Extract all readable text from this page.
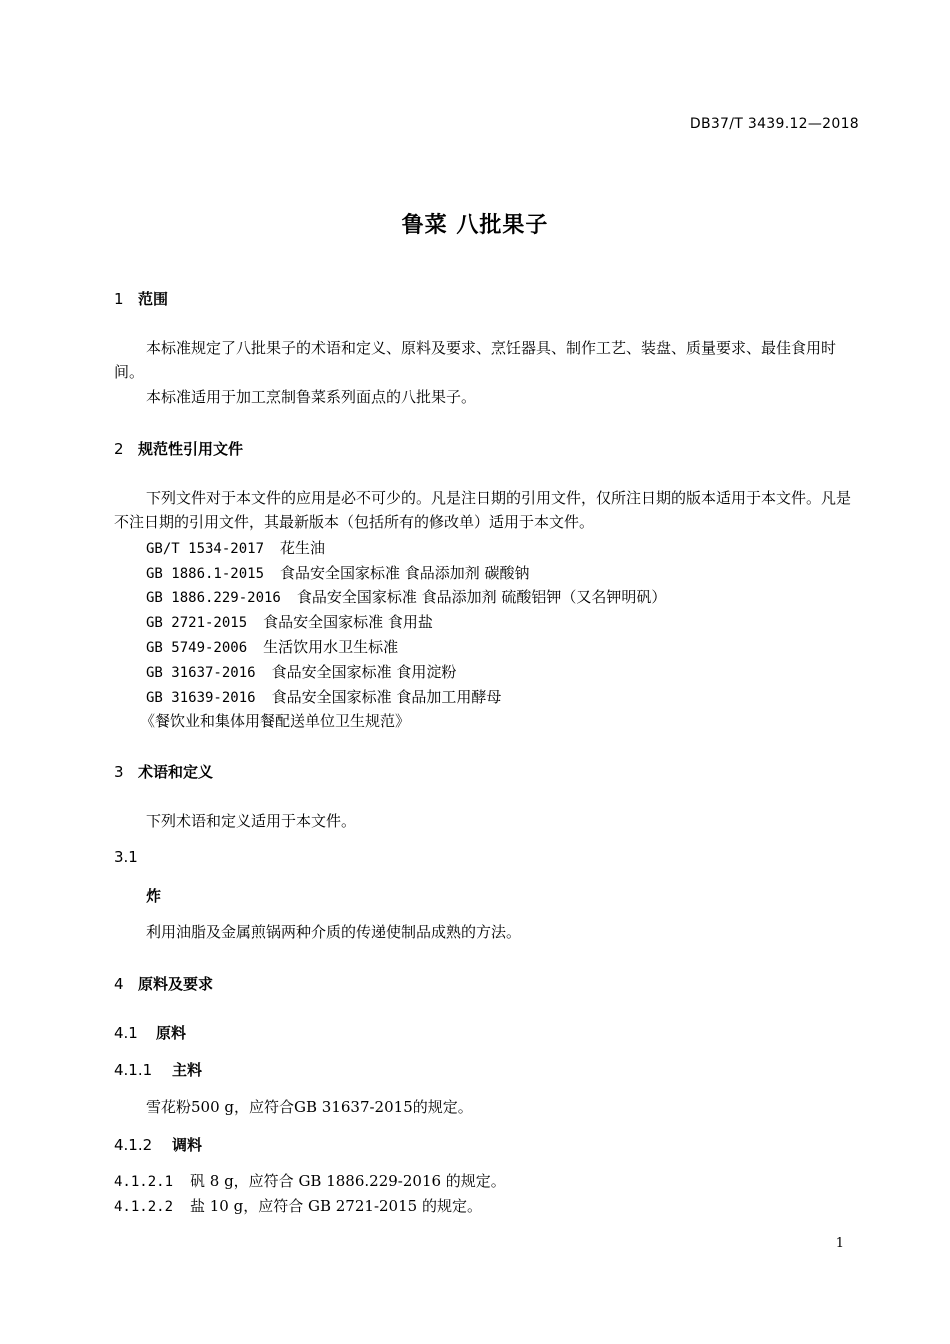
DB37/T 3439.12—2018
鲁菜 八批果子
1 范围
本标准规定了八批果子的术语和定义、原料及要求、烹饪器具、制作工艺、装盘、质量要求、最佳食用时间。
本标准适用于加工烹制鲁菜系列面点的八批果子。
2 规范性引用文件
下列文件对于本文件的应用是必不可少的。凡是注日期的引用文件，仅所注日期的版本适用于本文件。凡是不注日期的引用文件，其最新版本（包括所有的修改单）适用于本文件。
GB/T 1534-2017 花生油
GB 1886.1-2015 食品安全国家标准 食品添加剂 碳酸钠
GB 1886.229-2016 食品安全国家标准 食品添加剂 硫酸铝钾（又名钾明矾）
GB 2721-2015 食品安全国家标准 食用盐
GB 5749-2006 生活饮用水卫生标准
GB 31637-2016 食品安全国家标准 食用淀粉
GB 31639-2016 食品安全国家标准 食品加工用酵母
《餐饮业和集体用餐配送单位卫生规范》
3 术语和定义
下列术语和定义适用于本文件。
3.1
炸
利用油脂及金属煎锅两种介质的传递使制品成熟的方法。
4 原料及要求
4.1 原料
4.1.1 主料
雪花粉500 g，应符合GB 31637-2015的规定。
4.1.2 调料
4.1.2.1 矾 8 g，应符合 GB 1886.229-2016 的规定。
4.1.2.2 盐 10 g，应符合 GB 2721-2015 的规定。
1
